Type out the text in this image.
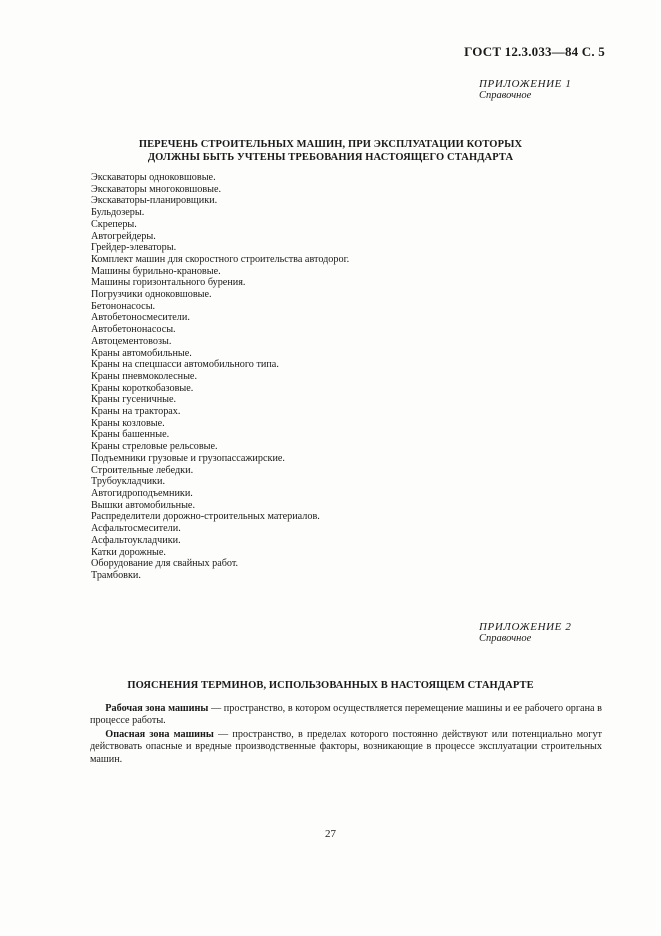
ГОСТ 12.3.033—84 С. 5
ПРИЛОЖЕНИЕ 1
Справочное
ПЕРЕЧЕНЬ СТРОИТЕЛЬНЫХ МАШИН, ПРИ ЭКСПЛУАТАЦИИ КОТОРЫХ
ДОЛЖНЫ БЫТЬ УЧТЕНЫ ТРЕБОВАНИЯ НАСТОЯЩЕГО СТАНДАРТА
Экскаваторы одноковшовые.
Экскаваторы многоковшовые.
Экскаваторы-планировщики.
Бульдозеры.
Скреперы.
Автогрейдеры.
Грейдер-элеваторы.
Комплект машин для скоростного строительства автодорог.
Машины бурильно-крановые.
Машины горизонтального бурения.
Погрузчики одноковшовые.
Бетононасосы.
Автобетоносмесители.
Автобетононасосы.
Автоцементовозы.
Краны автомобильные.
Краны на спецшасси автомобильного типа.
Краны пневмоколесные.
Краны короткобазовые.
Краны гусеничные.
Краны на тракторах.
Краны козловые.
Краны башенные.
Краны стреловые рельсовые.
Подъемники грузовые и грузопассажирские.
Строительные лебедки.
Трубоукладчики.
Автогидроподъемники.
Вышки автомобильные.
Распределители дорожно-строительных материалов.
Асфальтосмесители.
Асфальтоукладчики.
Катки дорожные.
Оборудование для свайных работ.
Трамбовки.
ПРИЛОЖЕНИЕ 2
Справочное
ПОЯСНЕНИЯ ТЕРМИНОВ, ИСПОЛЬЗОВАННЫХ В НАСТОЯЩЕМ СТАНДАРТЕ

Рабочая зона машины — пространство, в котором осуществляется перемещение машины и ее рабочего органа в процессе работы.

Опасная зона машины — пространство, в пределах которого постоянно действуют или потенциально могут действовать опасные и вредные производственные факторы, возникающие в процессе эксплуатации строительных машин.

27
